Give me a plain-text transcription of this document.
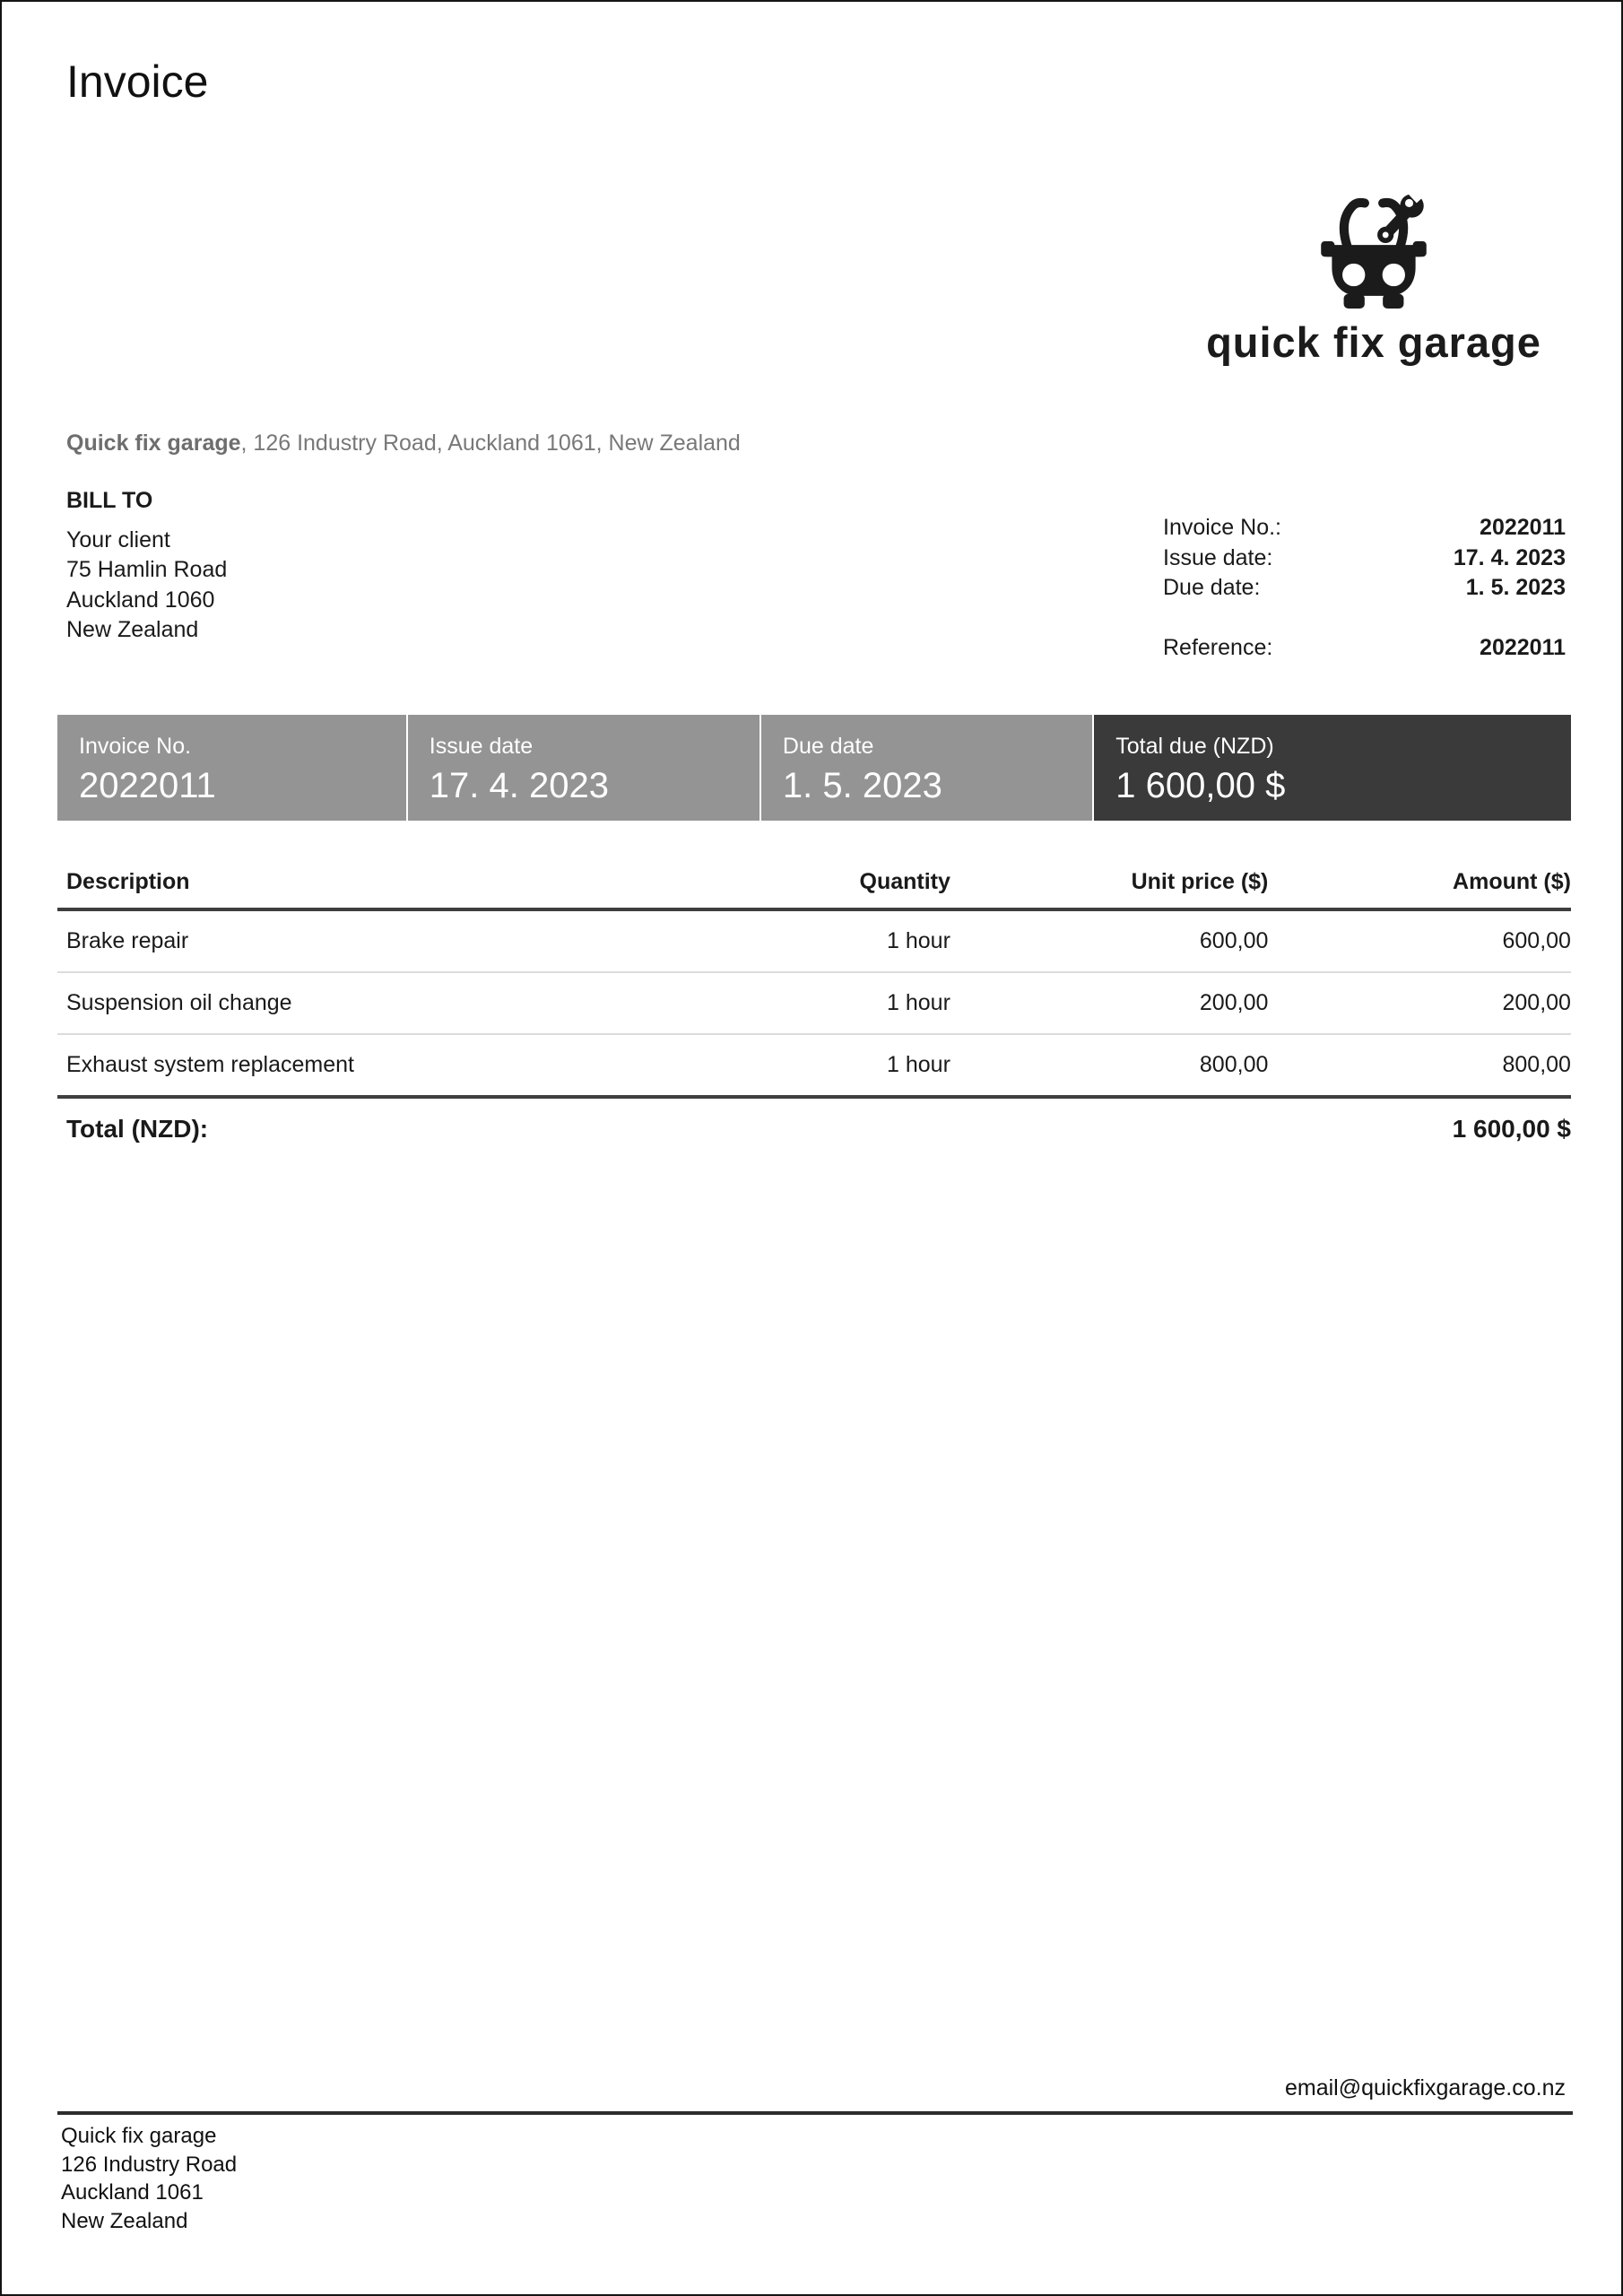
Invoice
quick fix garage
Quick fix garage, 126 Industry Road, Auckland 1061, New Zealand
BILL TO
Your client
75 Hamlin Road
Auckland 1060
New Zealand
Invoice No.:	2022011
Issue date:	17. 4. 2023
Due date:	1. 5. 2023
Reference:	2022011
Invoice No.
2022011
Issue date
17. 4. 2023
Due date
1. 5. 2023
Total due (NZD)
1 600,00 $
Description	Quantity	Unit price ($)	Amount ($)
Brake repair	1 hour	600,00	600,00
Suspension oil change	1 hour	200,00	200,00
Exhaust system replacement	1 hour	800,00	800,00
Total (NZD):	1 600,00 $
email@quickfixgarage.co.nz
Quick fix garage
126 Industry Road
Auckland 1061
New Zealand
